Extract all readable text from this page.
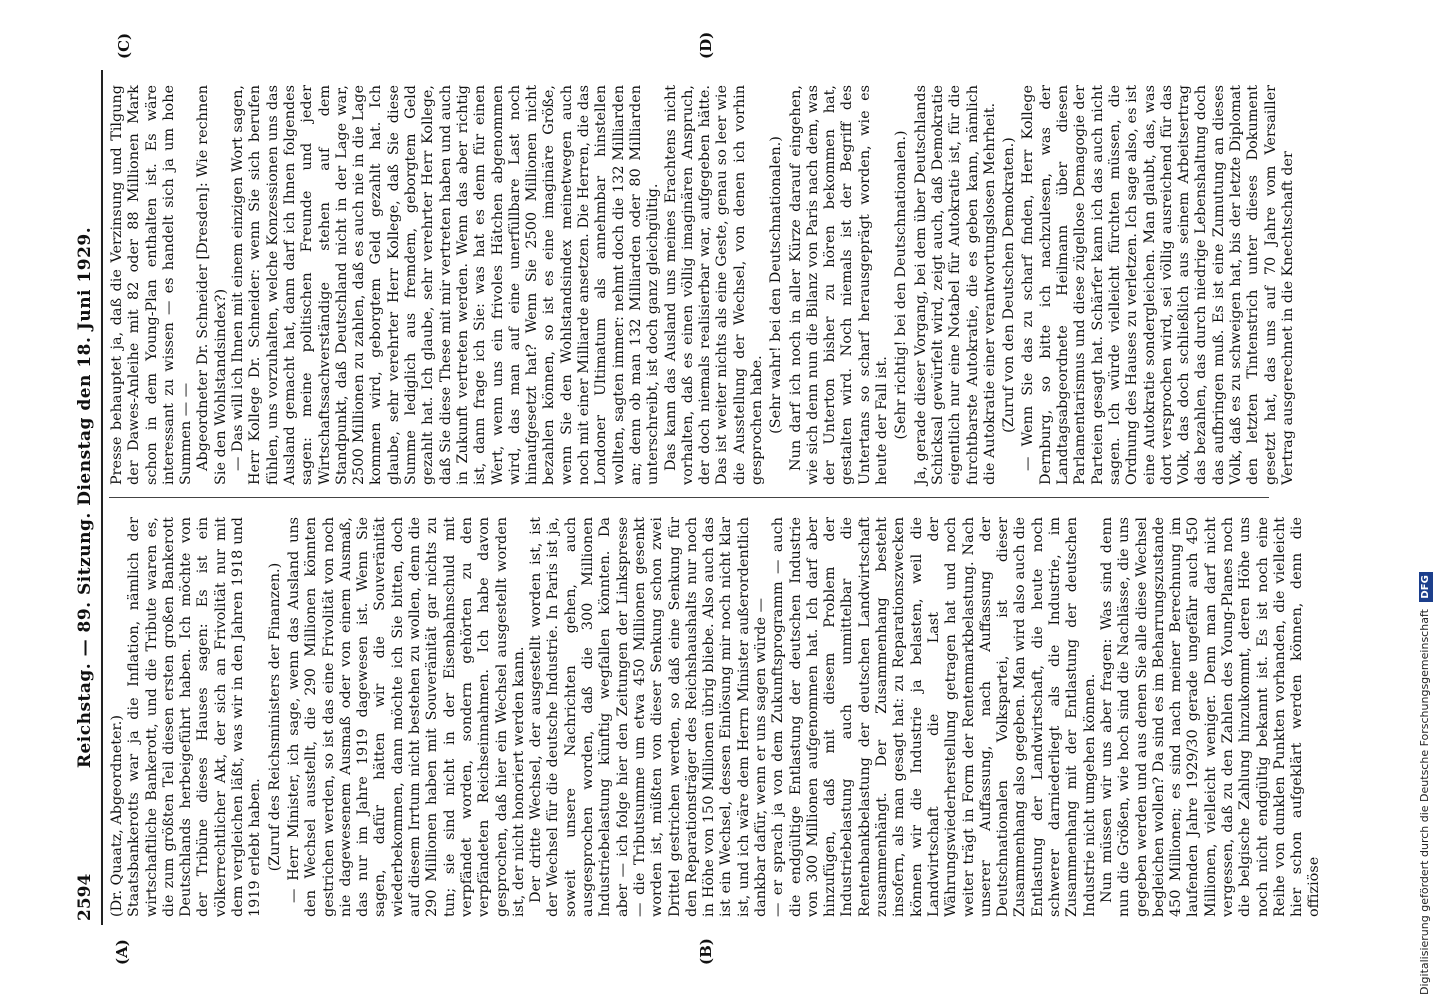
2594
Reichstag. — 89. Sitzung. Dienstag den 18. Juni 1929.
(A)	(B)
(C)	(D)

(Dr. Quaatz, Abgeordneter.) Staatsbankerotts war ja die Inflation, nämlich der wirtschaftliche Bankerott, und die Tribute waren es, die zum größten Teil diesen ersten großen Bankerott Deutschlands herbeigeführt haben. Ich möchte von der Tribüne dieses Hauses sagen: Es ist ein völkerrechtlicher Akt, der sich an Frivolität nur mit dem vergleichen läßt, was wir in den Jahren 1918 und 1919 erlebt haben. (Zuruf des Reichsministers der Finanzen.) — Herr Minister, ich sage, wenn das Ausland uns den Wechsel ausstellt, die 290 Millionen könnten gestrichen werden, so ist das eine Frivolität von noch nie dagewesenem Ausmaß oder von einem Ausmaß, das nur im Jahre 1919 dagewesen ist. Wenn Sie sagen, dafür hätten wir die Souveränität wiederbekommen, dann möchte ich Sie bitten, doch auf diesem Irrtum nicht bestehen zu wollen, denn die 290 Millionen haben mit Souveränität gar nichts zu tun; sie sind nicht in der Eisenbahnschuld mit verpfändet worden, sondern gehörten zu den verpfändeten Reichseinnahmen. Ich habe davon gesprochen, daß hier ein Wechsel ausgestellt worden ist, der nicht honoriert werden kann. Der dritte Wechsel, der ausgestellt worden ist, ist der Wechsel für die deutsche Industrie. In Paris ist ja, soweit unsere Nachrichten gehen, auch ausgesprochen worden, daß die 300 Millionen Industriebelastung künftig wegfallen könnten. Da aber — ich folge hier den Zeitungen der Linkspresse — die Tributsumme um etwa 450 Millionen gesenkt worden ist, müßten von dieser Senkung schon zwei Drittel gestrichen werden, so daß eine Senkung für den Reparationsträger des Reichshaushalts nur noch in Höhe von 150 Millionen übrig bliebe. Also auch das ist ein Wechsel, dessen Einlösung mir noch nicht klar ist, und ich wäre dem Herrn Minister außerordentlich dankbar dafür, wenn er uns sagen würde — — er sprach ja von dem Zukunftsprogramm — auch die endgültige Entlastung der deutschen Industrie von 300 Millionen aufgenommen hat. Ich darf aber hinzufügen, daß mit diesem Problem der Industriebelastung auch unmittelbar die Rentenbankbelastung der deutschen Landwirtschaft zusammenhängt. Der Zusammenhang besteht insofern, als man gesagt hat: zu Reparationszwecken können wir die Industrie ja belasten, weil die Landwirtschaft die Last der Währungswiederherstellung getragen hat und noch weiter trägt in Form der Rentenmarkbelastung. Nach unserer Auffassung, nach Auffassung der Deutschnationalen Volkspartei, ist dieser Zusammenhang also gegeben. Man wird also auch die Entlastung der Landwirtschaft, die heute noch schwerer darniederliegt als die Industrie, im Zusammenhang mit der Entlastung der deutschen Industrie nicht umgehen können. Nun müssen wir uns aber fragen: Was sind denn nun die Größen, wie hoch sind die Nachlässe, die uns gegeben werden und aus denen Sie alle diese Wechsel begleichen wollen? Da sind es im Beharrungszustande 450 Millionen; es sind nach meiner Berechnung im laufenden Jahre 1929/30 gerade ungefähr auch 450 Millionen, vielleicht weniger. Denn man darf nicht vergessen, daß zu den Zahlen des Young-Planes noch die belgische Zahlung hinzukommt, deren Höhe uns noch nicht endgültig bekannt ist. Es ist noch eine Reihe von dunklen Punkten vorhanden, die vielleicht hier schon aufgeklärt werden können, denn die offiziöse

Presse behauptet ja, daß die Verzinsung und Tilgung der Dawes-Anleihe mit 82 oder 88 Millionen Mark schon in dem Young-Plan enthalten ist. Es wäre interessant zu wissen — es handelt sich ja um hohe Summen — — Abgeordneter Dr. Schneider [Dresden]: Wie rechnen Sie den Wohlstandsindex?) — Das will ich Ihnen mit einem einzigen Wort sagen, Herr Kollege Dr. Schneider: wenn Sie sich berufen fühlen, uns vorzuhalten, welche Konzessionen uns das Ausland gemacht hat, dann darf ich Ihnen folgendes sagen: meine politischen Freunde und jeder Wirtschaftssachverständige stehen auf dem Standpunkt, daß Deutschland nicht in der Lage war, 2500 Millionen zu zahlen, daß es auch nie in die Lage kommen wird, geborgtem Geld gezahlt hat. Ich glaube, sehr verehrter Herr Kollege, daß Sie diese Summe lediglich aus fremdem, geborgtem Geld gezahlt hat. Ich glaube, sehr verehrter Herr Kollege, daß Sie diese These mit mir vertreten haben und auch in Zukunft vertreten werden. Wenn das aber richtig ist, dann frage ich Sie: was hat es denn für einen Wert, wenn uns ein frivoles Hätchen abgenommen wird, das man auf eine unerfüllbare Last noch hinaufgesetzt hat? Wenn Sie 2500 Millionen nicht bezahlen können, so ist es eine imaginäre Größe, wenn Sie den Wohlstandsindex meinetwegen auch noch mit einer Milliarde ansetzen. Die Herren, die das Londoner Ultimatum als annehmbar hinstellen wollten, sagten immer: nehmt doch die 132 Milliarden an; denn ob man 132 Milliarden oder 80 Milliarden unterschreibt, ist doch ganz gleichgültig. Das kann das Ausland uns meines Erachtens nicht vorhalten, daß es einen völlig imaginären Anspruch, der doch niemals realisierbar war, aufgegeben hätte. Das ist weiter nichts als eine Geste, genau so leer wie die Ausstellung der Wechsel, von denen ich vorhin gesprochen habe. (Sehr wahr! bei den Deutschnationalen.) Nun darf ich noch in aller Kürze darauf eingehen, wie sich denn nun die Bilanz von Paris nach dem, was der Unterton bisher zu hören bekommen hat, gestalten wird. Noch niemals ist der Begriff des Untertans so scharf herausgeprägt worden, wie es heute der Fall ist. (Sehr richtig! bei den Deutschnationalen.) Ja, gerade dieser Vorgang, bei dem über Deutschlands Schicksal gewürfelt wird, zeigt auch, daß Demokratie eigentlich nur eine Notabel für Autokratie ist, für die furchtbarste Autokratie, die es geben kann, nämlich die Autokratie einer verantwortungslosen Mehrheit. (Zuruf von den Deutschen Demokraten.) — Wenn Sie das zu scharf finden, Herr Kollege Dernburg, so bitte ich nachzulesen, was der Landtagsabgeordnete Heilmann über diesen Parlamentarismus und diese zügellose Demagogie der Parteien gesagt hat. Schärfer kann ich das auch nicht sagen. Ich würde vielleicht fürchten müssen, die Ordnung des Hauses zu verletzen. Ich sage also, es ist eine Autokratie sondergleichen. Man glaubt, das, was dort versprochen wird, sei völlig ausreichend für das Volk, das doch schließlich aus seinem Arbeitsertrag das bezahlen, das durch niedrige Lebenshaltung doch das aufbringen muß. Es ist eine Zumutung an dieses Volk, daß es zu schweigen hat, bis der letzte Diplomat den letzten Tintenstrich unter dieses Dokument gesetzt hat, das uns auf 70 Jahre vom Versailler Vertrag ausgerechnet in die Knechtschaft der

Digitalisierung gefördert durch die Deutsche Forschungsgemeinschaft DFG
